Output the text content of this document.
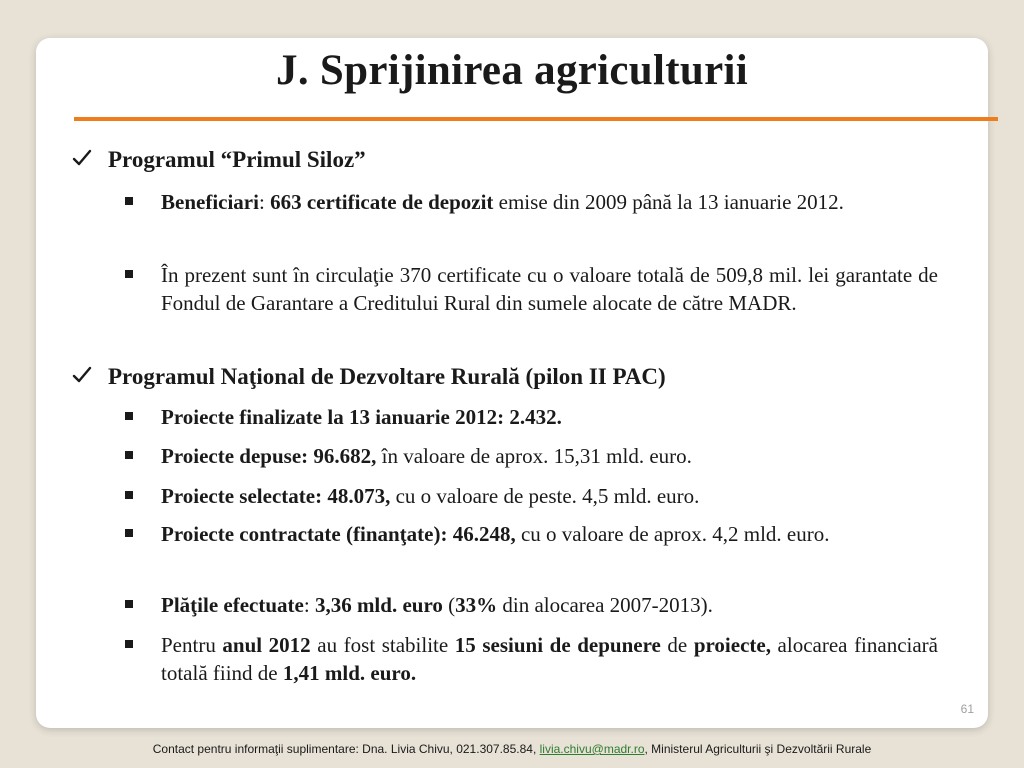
J. Sprijinirea agriculturii
Programul “Primul Siloz”
Beneficiari: 663 certificate de depozit emise din 2009 până la 13 ianuarie 2012.
În prezent sunt în circulaţie 370 certificate cu o valoare totală de 509,8 mil. lei garantate de Fondul de Garantare a Creditului Rural din sumele alocate de către MADR.
Programul Naţional de Dezvoltare Rurală (pilon II PAC)
Proiecte finalizate la 13 ianuarie 2012: 2.432.
Proiecte depuse: 96.682, în valoare de aprox. 15,31 mld. euro.
Proiecte selectate: 48.073, cu o valoare de peste. 4,5 mld. euro.
Proiecte contractate (finanţate): 46.248, cu o valoare de aprox. 4,2 mld. euro.
Plăţile efectuate: 3,36 mld. euro (33% din alocarea 2007-2013).
Pentru anul 2012 au fost stabilite 15 sesiuni de depunere de proiecte, alocarea financiară totală fiind de 1,41 mld. euro.
61
Contact pentru informaţii suplimentare: Dna. Livia Chivu, 021.307.85.84, livia.chivu@madr.ro, Ministerul Agriculturii şi Dezvoltării Rurale
